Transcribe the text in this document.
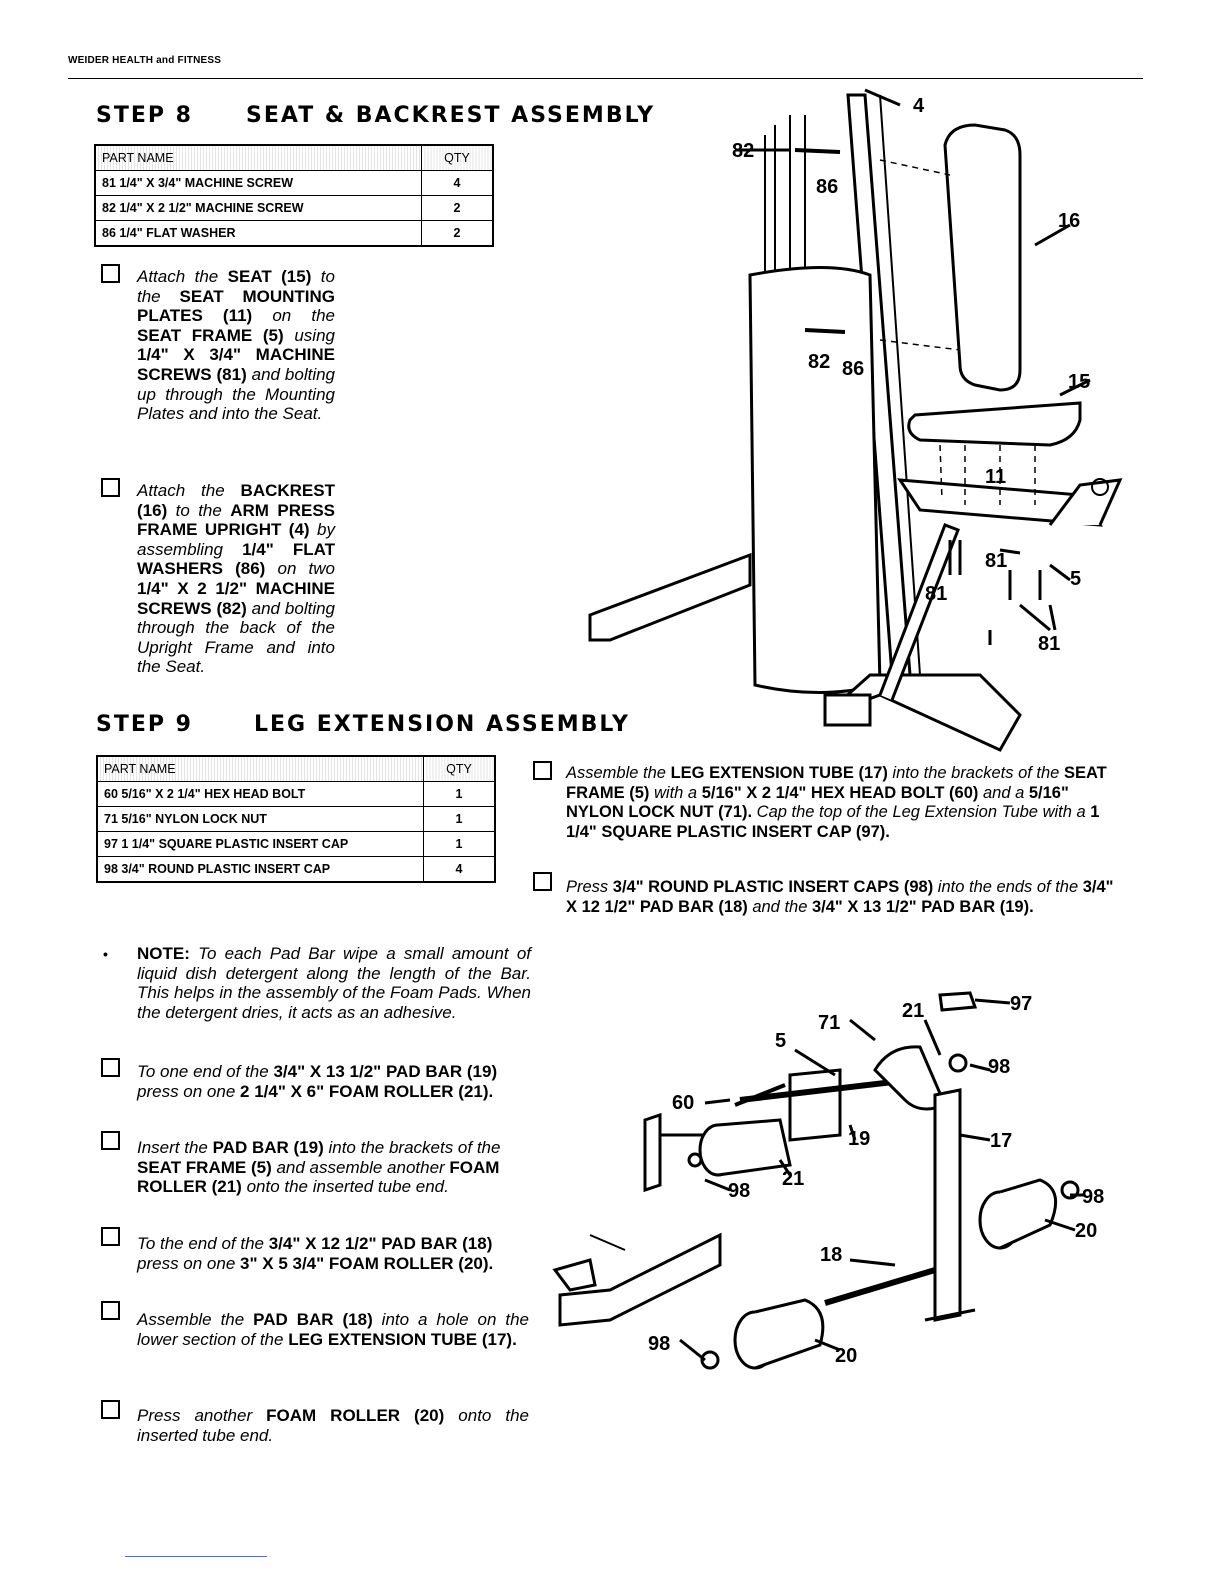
WEIDER HEALTH and FITNESS
STEP 8 SEAT & BACKREST ASSEMBLY
PART NAME	QTY
81 1/4" X 3/4" MACHINE SCREW	4
82 1/4" X 2 1/2" MACHINE SCREW	2
86 1/4" FLAT WASHER	2
Attach the SEAT (15) to the SEAT MOUNTING PLATES (11) on the SEAT FRAME (5) using 1/4" X 3/4" MACHINE SCREWS (81) and bolting up through the Mounting Plates and into the Seat.
Attach the BACKREST (16) to the ARM PRESS FRAME UPRIGHT (4) by assembling 1/4" FLAT WASHERS (86) on two 1/4" X 2 1/2" MACHINE SCREWS (82) and bolting through the back of the Upright Frame and into the Seat.
STEP 9	LEG EXTENSION ASSEMBLY
PART NAME	QTY
60 5/16" X 2 1/4" HEX HEAD BOLT	1
71 5/16" NYLON LOCK NUT	1
97 1 1/4" SQUARE PLASTIC INSERT CAP	1
98 3/4" ROUND PLASTIC INSERT CAP	4
Assemble the LEG EXTENSION TUBE (17) into the brackets of the SEAT FRAME (5) with a 5/16" X 2 1/4" HEX HEAD BOLT (60) and a 5/16" NYLON LOCK NUT (71). Cap the top of the Leg Extension Tube with a 1 1/4" SQUARE PLASTIC INSERT CAP (97).
Press 3/4" ROUND PLASTIC INSERT CAPS (98) into the ends of the 3/4" X 12 1/2" PAD BAR (18) and the 3/4" X 13 1/2" PAD BAR (19).
• NOTE: To each Pad Bar wipe a small amount of liquid dish detergent along the length of the Bar. This helps in the assembly of the Foam Pads. When the detergent dries, it acts as an adhesive.
To one end of the 3/4" X 13 1/2" PAD BAR (19) press on one 2 1/4" X 6" FOAM ROLLER (21).
Insert the PAD BAR (19) into the brackets of the SEAT FRAME (5) and assemble another FOAM ROLLER (21) onto the inserted tube end.
To the end of the 3/4" X 12 1/2" PAD BAR (18) press on one 3" X 5 3/4" FOAM ROLLER (20).
Assemble the PAD BAR (18) into a hole on the lower section of the LEG EXTENSION TUBE (17).
Press another FOAM ROLLER (20) onto the inserted tube end.
4
82
86
16
82 86
15
11
81
5
81
81
97
71
21
5
98
60
19	17
98
21
98
20
18
98
20
